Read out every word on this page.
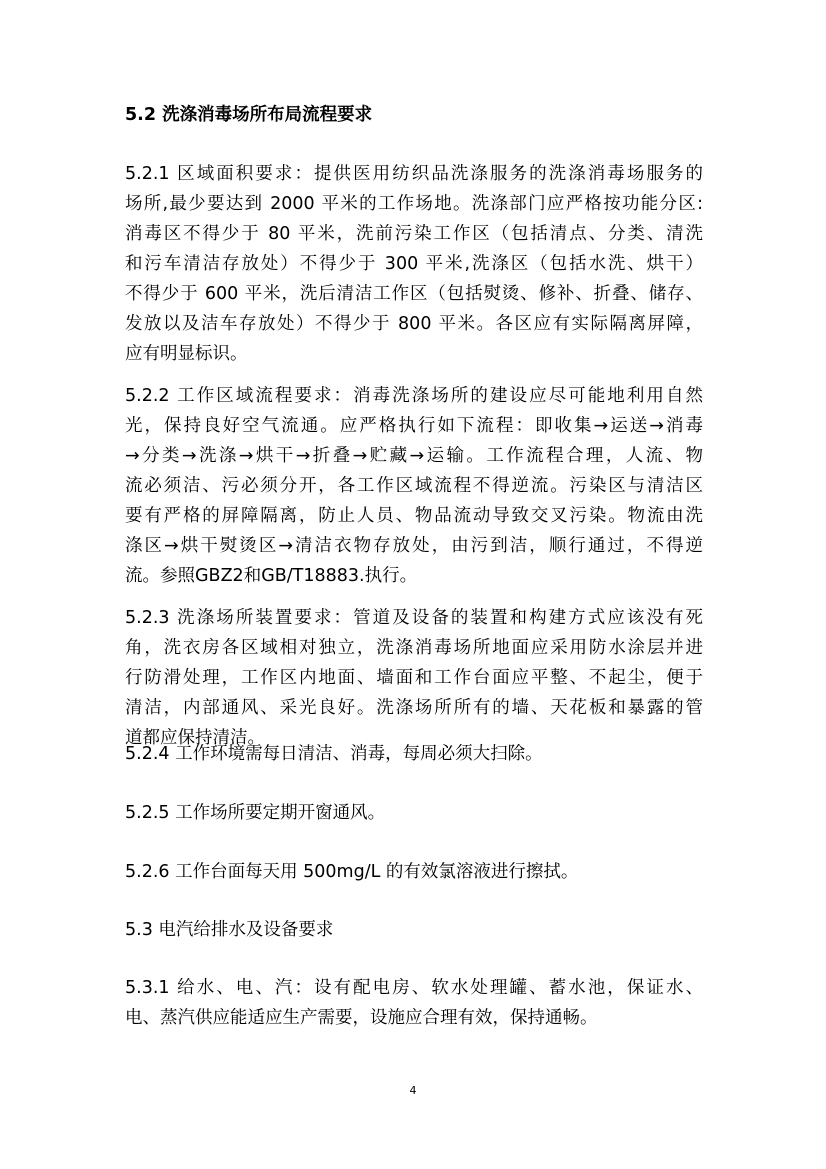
5.2 洗涤消毒场所布局流程要求
5.2.1 区域面积要求：提供医用纺织品洗涤服务的洗涤消毒场服务的
场所,最少要达到 2000 平米的工作场地。洗涤部门应严格按功能分区:
消毒区不得少于 80 平米，洗前污染工作区（包括清点、分类、清洗
和污车清洁存放处）不得少于 300 平米,洗涤区（包括水洗、烘干）
不得少于 600 平米，洗后清洁工作区（包括熨烫、修补、折叠、储存、
发放以及洁车存放处）不得少于 800 平米。各区应有实际隔离屏障，
应有明显标识。
5.2.2 工作区域流程要求：消毒洗涤场所的建设应尽可能地利用自然
光，保持良好空气流通。应严格执行如下流程：即收集→运送→消毒
→分类→洗涤→烘干→折叠→贮藏→运输。工作流程合理，人流、物
流必须洁、污必须分开，各工作区域流程不得逆流。污染区与清洁区
要有严格的屏障隔离，防止人员、物品流动导致交叉污染。物流由洗
涤区→烘干熨烫区→清洁衣物存放处，由污到洁，顺行通过，不得逆
流。参照GBZ2和GB/T18883.执行。
5.2.3 洗涤场所装置要求：管道及设备的装置和构建方式应该没有死
角，洗衣房各区域相对独立，洗涤消毒场所地面应采用防水涂层并进
行防滑处理，工作区内地面、墙面和工作台面应平整、不起尘，便于
清洁，内部通风、采光良好。洗涤场所所有的墙、天花板和暴露的管
道都应保持清洁。
5.2.4 工作环境需每日清洁、消毒，每周必须大扫除。
5.2.5 工作场所要定期开窗通风。
5.2.6 工作台面每天用 500mg/L 的有效氯溶液进行擦拭。
5.3 电汽给排水及设备要求
5.3.1 给水、电、汽：设有配电房、软水处理罐、蓄水池，保证水、
电、蒸汽供应能适应生产需要，设施应合理有效，保持通畅。
4
